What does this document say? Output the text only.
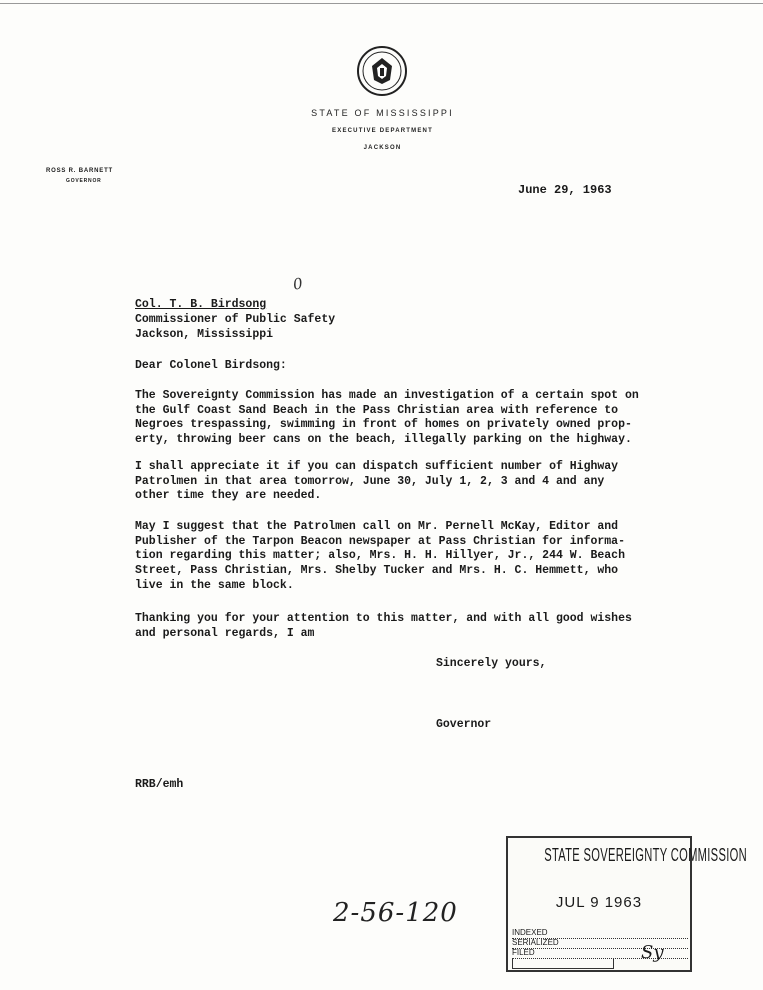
STATE OF MISSISSIPPI
EXECUTIVE DEPARTMENT
JACKSON
ROSS R. BARNETT
GOVERNOR
June 29, 1963
0
Col. T. B. Birdsong
Commissioner of Public Safety
Jackson, Mississippi
Dear Colonel Birdsong:
The Sovereignty Commission has made an investigation of a certain spot on
the Gulf Coast Sand Beach in the Pass Christian area with reference to
Negroes trespassing, swimming in front of homes on privately owned prop-
erty, throwing beer cans on the beach, illegally parking on the highway.
I shall appreciate it if you can dispatch sufficient number of Highway
Patrolmen in that area tomorrow, June 30, July 1, 2, 3 and 4 and any
other time they are needed.
May I suggest that the Patrolmen call on Mr. Pernell McKay, Editor and
Publisher of the Tarpon Beacon newspaper at Pass Christian for informa-
tion regarding this matter; also, Mrs. H. H. Hillyer, Jr., 244 W. Beach
Street, Pass Christian, Mrs. Shelby Tucker and Mrs. H. C. Hemmett, who
live in the same block.
Thanking you for your attention to this matter, and with all good wishes
and personal regards, I am
Sincerely yours,
Governor
RRB/emh
2-56-120
STATE SOVEREIGNTY COMMISSION
JUL 9 1963
INDEXED
SERIALIZED
FILED	Sy
